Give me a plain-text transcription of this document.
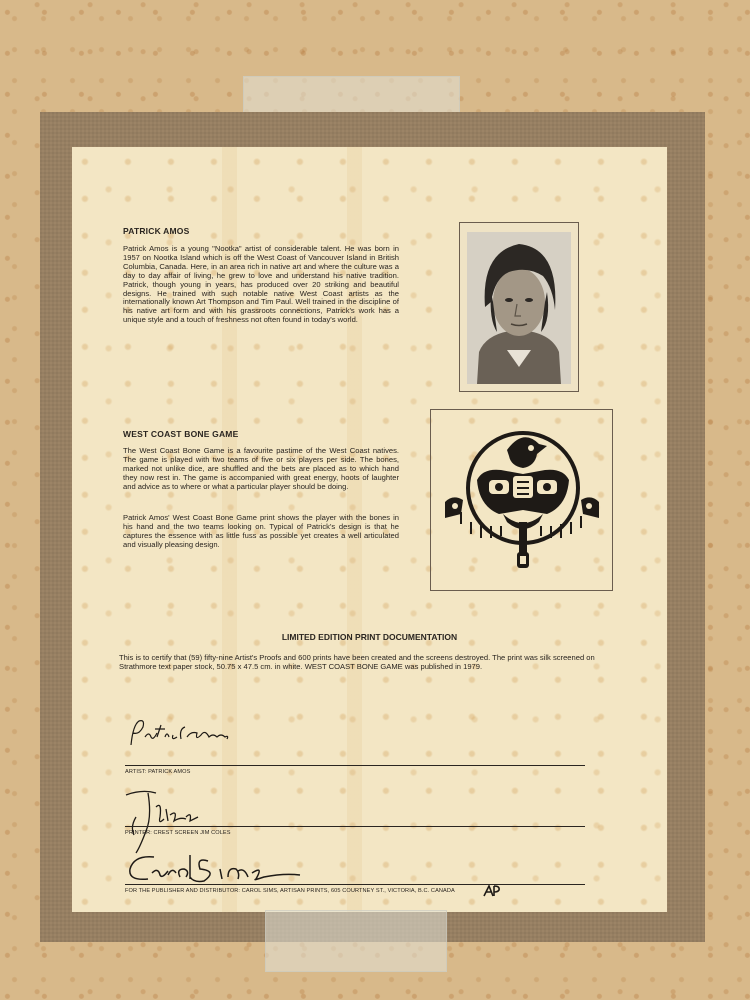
PATRICK AMOS
Patrick Amos is a young "Nootka" artist of considerable talent. He was born in 1957 on Nootka Island which is off the West Coast of Vancouver Island in British Columbia, Canada. Here, in an area rich in native art and where the culture was a day to day affair of living, he grew to love and understand his native tradition. Patrick, though young in years, has produced over 20 striking and beautiful designs. He trained with such notable native West Coast artists as the internationally known Art Thompson and Tim Paul. Well trained in the discipline of his native art form and with his grassroots connections, Patrick's work has a unique style and a touch of freshness not often found in today's world.
WEST COAST BONE GAME
The West Coast Bone Game is a favourite pastime of the West Coast natives. The game is played with two teams of five or six players per side. The bones, marked not unlike dice, are shuffled and the bets are placed as to which hand they now rest in. The game is accompanied with great energy, hoots of laughter and advice as to where or what a particular player should be doing.
Patrick Amos' West Coast Bone Game print shows the player with the bones in his hand and the two teams looking on. Typical of Patrick's design is that he captures the essence with as little fuss as possible yet creates a well articulated and visually pleasing design.
LIMITED EDITION PRINT DOCUMENTATION
This is to certify that (59) fifty-nine Artist's Proofs and 600 prints have been created and the screens destroyed. The print was silk screened on Strathmore text paper stock, 50.75 x 47.5 cm. in white. WEST COAST BONE GAME was published in 1979.
ARTIST: PATRICK AMOS
PRINTER: CREST SCREEN JIM COLES
FOR THE PUBLISHER AND DISTRIBUTOR: CAROL SIMS, ARTISAN PRINTS, 605 COURTNEY ST., VICTORIA, B.C. CANADA
